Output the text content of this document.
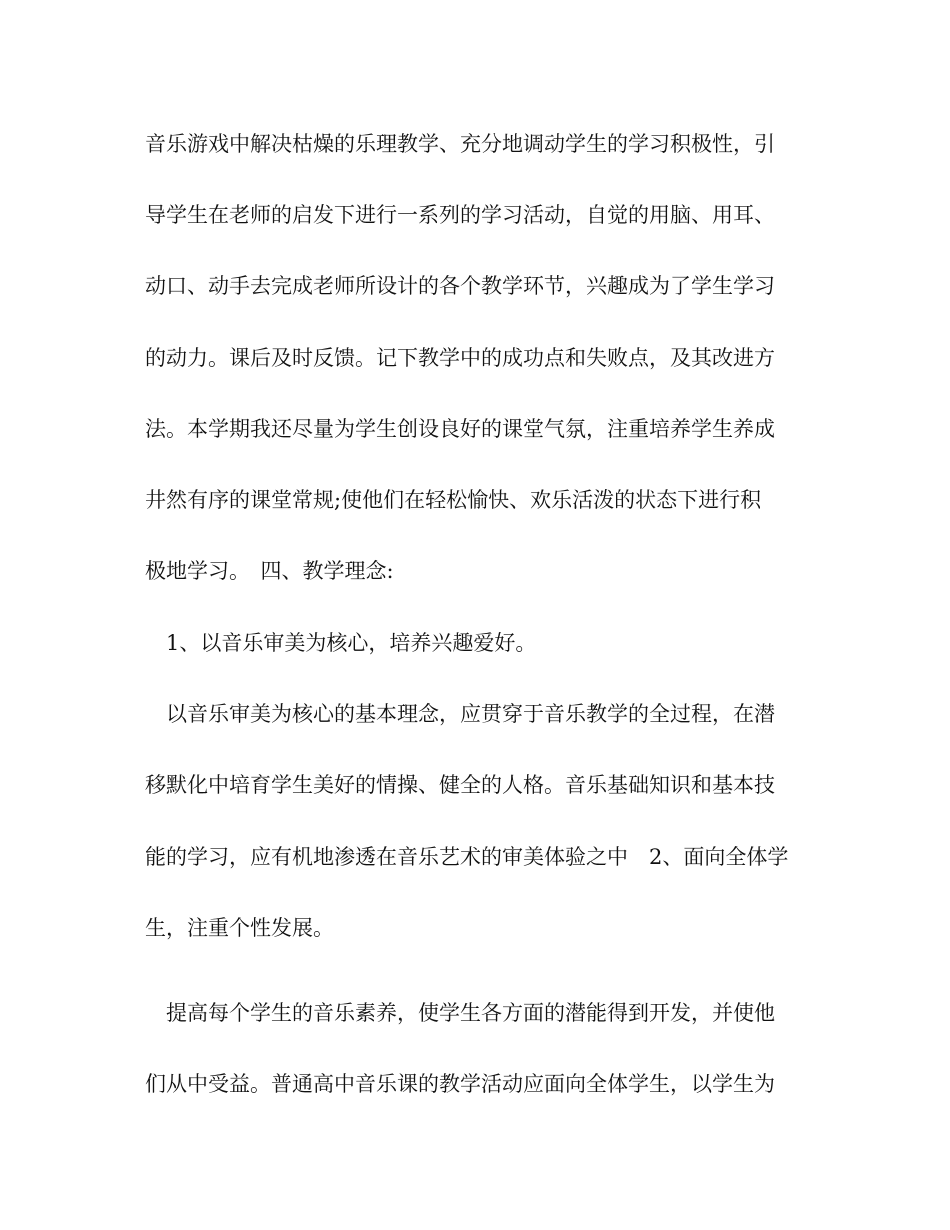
音乐游戏中解决枯燥的乐理教学、充分地调动学生的学习积极性，引
导学生在老师的启发下进行一系列的学习活动，自觉的用脑、用耳、
动口、动手去完成老师所设计的各个教学环节，兴趣成为了学生学习
的动力。课后及时反馈。记下教学中的成功点和失败点，及其改进方
法。本学期我还尽量为学生创设良好的课堂气氛，注重培养学生养成
井然有序的课堂常规;使他们在轻松愉快、欢乐活泼的状态下进行积
极地学习。　四、教学理念:
　1、以音乐审美为核心，培养兴趣爱好。
　以音乐审美为核心的基本理念，应贯穿于音乐教学的全过程，在潜
移默化中培育学生美好的情操、健全的人格。音乐基础知识和基本技
能的学习，应有机地渗透在音乐艺术的审美体验之中　2、面向全体学
生，注重个性发展。
　提高每个学生的音乐素养，使学生各方面的潜能得到开发，并使他
们从中受益。普通高中音乐课的教学活动应面向全体学生，以学生为
